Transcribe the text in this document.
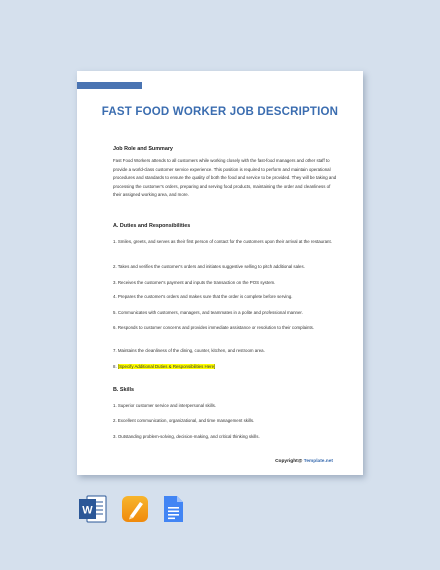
FAST FOOD WORKER JOB DESCRIPTION
Job Role and Summary
Fast Food Workers attends to all customers while working closely with the fast-food managers and other staff to provide a world-class customer service experience. This position is required to perform and maintain operational procedures and standards to ensure the quality of both the food and service to be provided. They will be taking and processing the customer's orders, preparing and serving food products, maintaining the order and cleanliness of their assigned working area, and more.
A. Duties and Responsibilities
1. Smiles, greets, and serves as their first person of contact for the customers upon their arrival at the restaurant.
2. Takes and verifies the customer's orders and initiates suggestive selling to pitch additional sales.
3. Receives the customer's payment and inputs the transaction on the POS system.
4. Prepares the customer's orders and makes sure that the order is complete before serving.
5. Communicates with customers, managers, and teammates in a polite and professional manner.
6. Responds to customer concerns and provides immediate assistance or resolution to their complaints.
7. Maintains the cleanliness of the dining, counter, kitchen, and restroom area.
8. [Specify Additional Duties & Responsibilities Here]
B. Skills
1. Superior customer service and interpersonal skills.
2. Excellent communication, organizational, and time management skills.
3. Outstanding problem-solving, decision-making, and critical thinking skills.
Copyright@ Template.net
W
